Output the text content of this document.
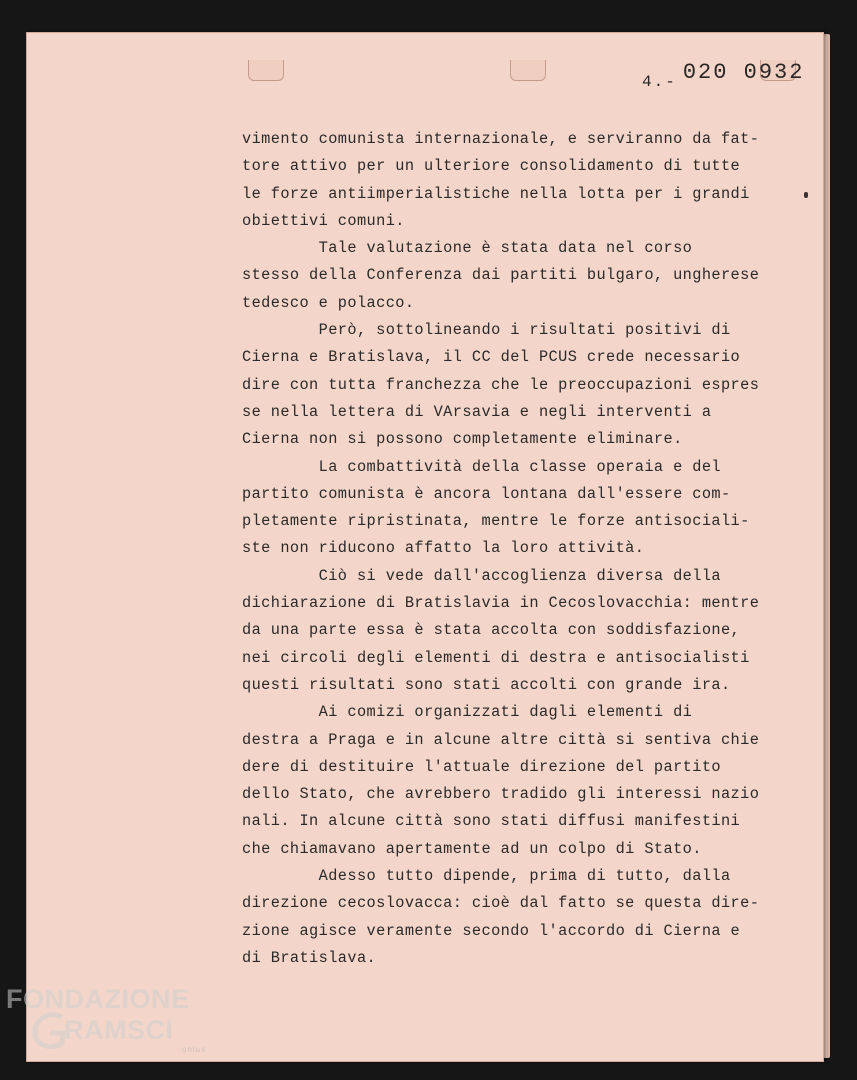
4.- 020 0932
vimento comunista internazionale, e serviranno da fat-
tore attivo per un ulteriore consolidamento di tutte
le forze antiimperialistiche nella lotta per i grandi
obiettivi comuni.
Tale valutazione è stata data nel corso
stesso della Conferenza dai partiti bulgaro, ungherese
tedesco e polacco.
Però, sottolineando i risultati positivi di
Cierna e Bratislava, il CC del PCUS crede necessario
dire con tutta franchezza che le preoccupazioni espres
se nella lettera di VArsavia e negli interventi a
Cierna non si possono completamente eliminare.
La combattività della classe operaia e del
partito comunista è ancora lontana dall'essere com-
pletamente ripristinata, mentre le forze antisociali-
ste non riducono affatto la loro attività.
Ciò si vede dall'accoglienza diversa della
dichiarazione di Bratislavia in Cecoslovacchia: mentre
da una parte essa è stata accolta con soddisfazione,
nei circoli degli elementi di destra e antisocialisti
questi risultati sono stati accolti con grande ira.
Ai comizi organizzati dagli elementi di
destra a Praga e in alcune altre città si sentiva chie
dere di destituire l'attuale direzione del partito
dello Stato, che avrebbero tradido gli interessi nazio
nali. In alcune città sono stati diffusi manifestini
che chiamavano apertamente ad un colpo di Stato.
Adesso tutto dipende, prima di tutto, dalla
direzione cecoslovacca: cioè dal fatto se questa dire-
zione agisce veramente secondo l'accordo di Cierna e
di Bratislava.
FONDAZIONE
RAMSCI
onlus
